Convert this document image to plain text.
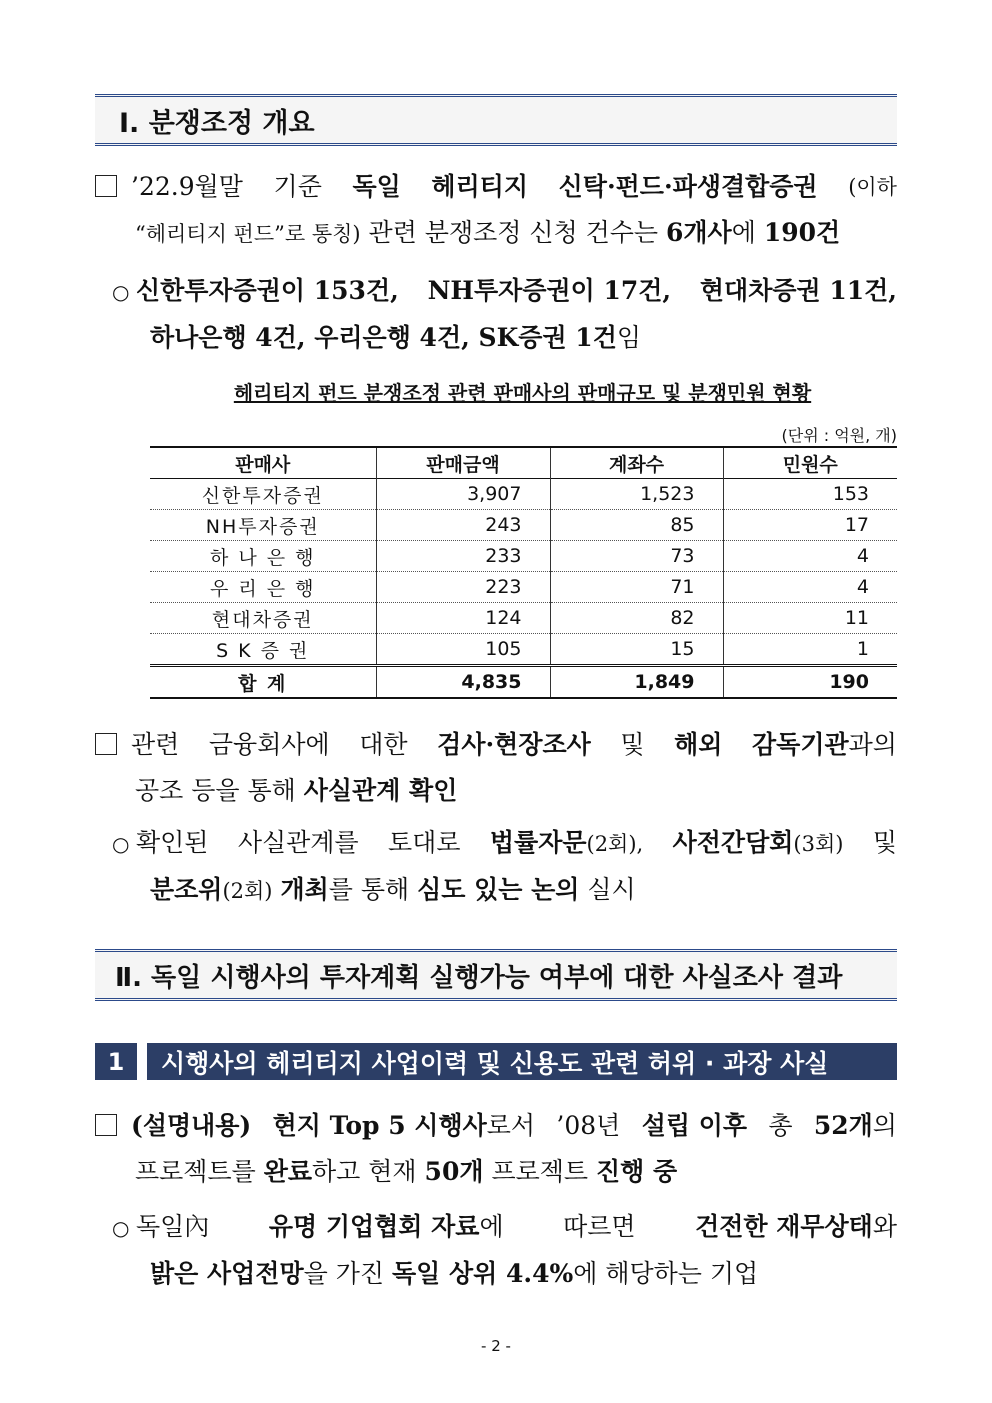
Ⅰ. 분쟁조정 개요
’22.9월말 기준 독일 헤리티지 신탁·펀드·파생결합증권 (이하
“헤리티지 펀드”로 통칭) 관련 분쟁조정 신청 건수는 6개사에 190건
○ 신한투자증권이 153건, NH투자증권이 17건, 현대차증권 11건,
하나은행 4건, 우리은행 4건, SK증권 1건임
헤리티지 펀드 분쟁조정 관련 판매사의 판매규모 및 분쟁민원 현황
(단위 : 억원, 개)
판매사	판매금액	계좌수	민원수
신한투자증권	3,907	1,523	153
NH투자증권	243	85	17
하 나 은 행	233	73	4
우 리 은 행	223	71	4
현대차증권	124	82	11
S K 증 권	105	15	1
합 계	4,835	1,849	190
관련 금융회사에 대한 검사·현장조사 및 해외 감독기관과의
공조 등을 통해 사실관계 확인
○ 확인된 사실관계를 토대로 법률자문(2회), 사전간담회(3회) 및
분조위(2회) 개최를 통해 심도 있는 논의 실시
Ⅱ. 독일 시행사의 투자계획 실행가능 여부에 대한 사실조사 결과
1	시행사의 헤리티지 사업이력 및 신용도 관련 허위 · 과장 사실
(설명내용) 현지 Top 5 시행사로서 ’08년 설립 이후 총 52개의
프로젝트를 완료하고 현재 50개 프로젝트 진행 중
○ 독일內 유명 기업협회 자료에 따르면 건전한 재무상태와
밝은 사업전망을 가진 독일 상위 4.4%에 해당하는 기업
- 2 -
